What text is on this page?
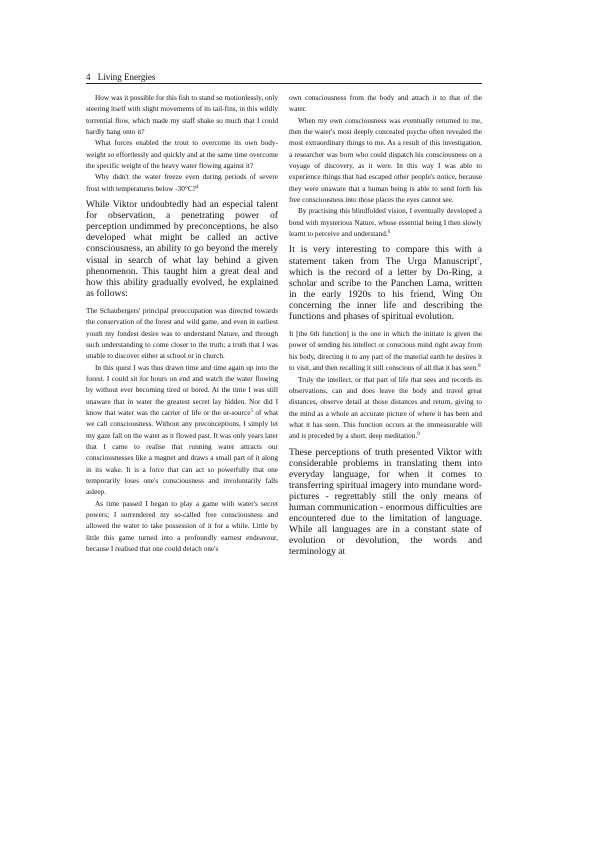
4 Living Energies

How was it possible for this fish to stand so motionlessly, only steering itself with slight movements of its tail-fins, in this wildly torrential flow, which made my staff shake so much that I could hardly hang onto it?

What forces enabled the trout to overcome its own body-weight so effortlessly and quickly and at the same time overcome the specific weight of the heavy water flowing against it?

Why didn't the water freeze even during periods of severe frost with temperatures below -30°C?$^4$

While Viktor undoubtedly had an especial talent for observation, a penetrating power of perception undimmed by preconceptions, he also developed what might be called an active consciousness, an ability to go beyond the merely visual in search of what lay behind a given phenomenon. This taught him a great deal and how this ability gradually evolved, he explained as follows:

The Schaubergers' principal preoccupation was directed towards the conservation of the forest and wild game, and even in earliest youth my fondest desire was to understand Nature, and through such understanding to come closer to the truth; a truth that I was unable to discover either at school or in church.

In this quest I was thus drawn time and time again up into the forest. I could sit for hours on end and watch the water flowing by without ever becoming tired or bored. At the time I was still unaware that in water the greatest secret lay hidden. Nor did I know that water was the carrier of life or the ur-source$^5$ of what we call consciousness. Without any preconceptions, I simply let my gaze fall on the water as it flowed past. It was only years later that I came to realise that running water attracts our consciousnesses like a magnet and draws a small part of it along in its wake. It is a force that can act so powerfully that one temporarily loses one's consciousness and involuntarily falls asleep.

As time passed I began to play a game with water's secret powers; I surrendered my so-called free consciousness and allowed the water to take possession of it for a while. Little by little this game turned into a profoundly earnest endeavour, because I realised that one could detach one's

own consciousness from the body and attach it to that of the water.

When my own consciousness was eventually returned to me, then the water's most deeply concealed psyche often revealed the most extraordinary things to me. As a result of this investigation, a researcher was born who could dispatch his consciousness on a voyage of discovery, as it were. In this way I was able to experience things that had escaped other people's notice, because they were unaware that a human being is able to send forth his free consciousness into those places the eyes cannot see.

By practising this blindfolded vision, I eventually developed a bond with mysterious Nature, whose essential being I then slowly learnt to perceive and understand.$^6$

It is very interesting to compare this with a statement taken from The Urga Manuscript$^7$, which is the record of a letter by Do-Ring, a scholar and scribe to the Panchen Lama, written in the early 1920s to his friend, Wing On concerning the inner life and describing the functions and phases of spiritual evolution.

It [the 6th function] is the one in which the initiate is given the power of sending his intellect or conscious mind right away from his body, directing it to any part of the material earth he desires it to visit, and then recalling it still conscious of all that it has seen.$^8$

Truly the intellect, or that part of life that sees and records its observations, can and does leave the body and travel great distances, observe detail at those distances and return, giving to the mind as a whole an accurate picture of where it has been and what it has seen. This function occurs at the immeasurable will and is preceded by a short, deep meditation.$^9$

These perceptions of truth presented Viktor with considerable problems in translating them into everyday language, for when it comes to transferring spiritual imagery into mundane word-pictures - regrettably still the only means of human communication - enormous difficulties are encountered due to the limitation of language. While all languages are in a constant state of evolution or devolution, the words and terminology at
